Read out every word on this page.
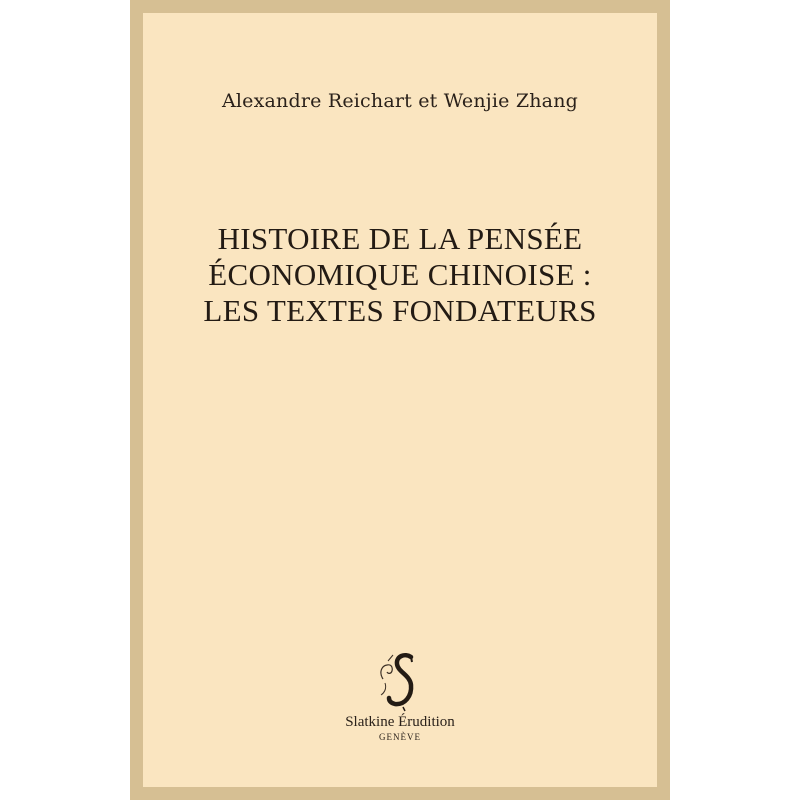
Alexandre Reichart et Wenjie Zhang
HISTOIRE DE LA PENSÉE
ÉCONOMIQUE CHINOISE :
LES TEXTES FONDATEURS
Slatkine Érudition
GENÈVE
